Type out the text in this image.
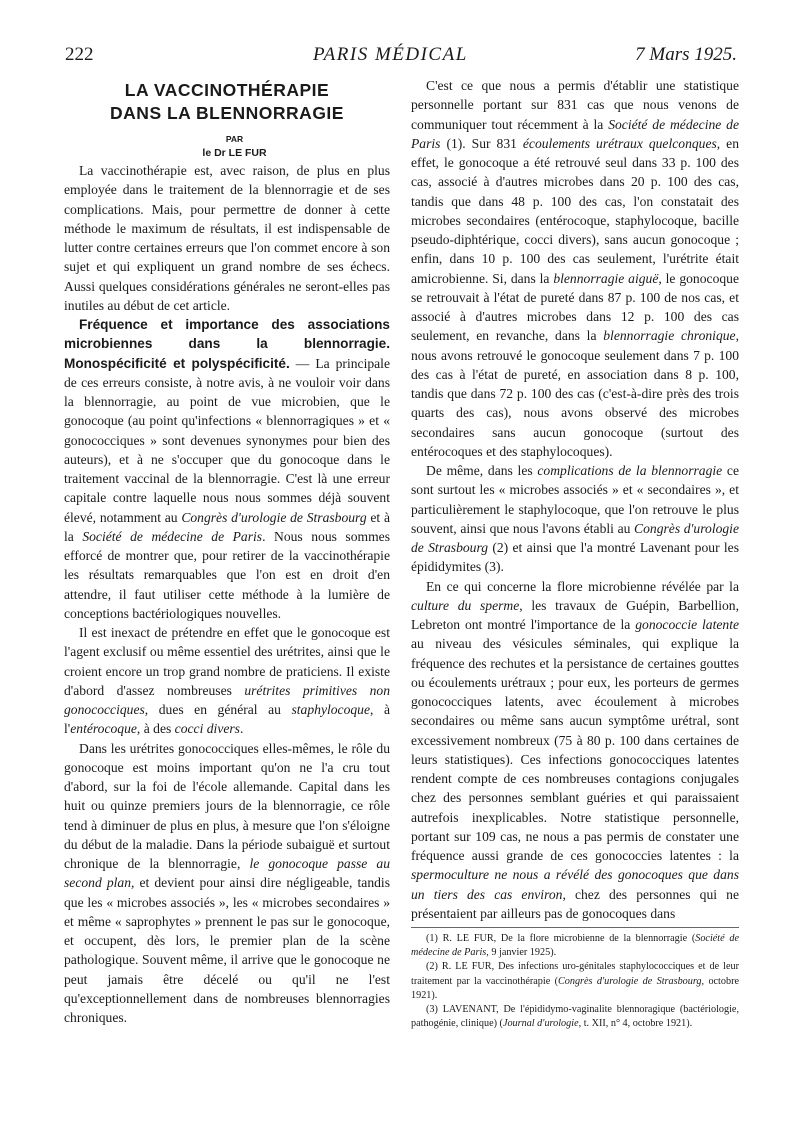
222	PARIS MÉDICAL	7 Mars 1925.
LA VACCINOTHÉRAPIE
DANS LA BLENNORRAGIE

PAR

le Dr LE FUR

La vaccinothérapie est, avec raison, de plus en plus employée dans le traitement de la blennorragie et de ses complications. Mais, pour permettre de donner à cette méthode le maximum de résultats, il est indispensable de lutter contre certaines erreurs que l'on commet encore à son sujet et qui expliquent un grand nombre de ses échecs. Aussi quelques considérations générales ne seront-elles pas inutiles au début de cet article.

Fréquence et importance des associations microbiennes dans la blennorragie. Monospécificité et polyspécificité. — La principale de ces erreurs consiste, à notre avis, à ne vouloir voir dans la blennorragie, au point de vue microbien, que le gonocoque (au point qu'infections « blennorragiques » et « gonococciques » sont devenues synonymes pour bien des auteurs), et à ne s'occuper que du gonocoque dans le traitement vaccinal de la blennorragie. C'est là une erreur capitale contre laquelle nous nous sommes déjà souvent élevé, notamment au Congrès d'urologie de Strasbourg et à la Société de médecine de Paris. Nous nous sommes efforcé de montrer que, pour retirer de la vaccinothérapie les résultats remarquables que l'on est en droit d'en attendre, il faut utiliser cette méthode à la lumière de conceptions bactériologiques nouvelles.

Il est inexact de prétendre en effet que le gonocoque est l'agent exclusif ou même essentiel des urétrites, ainsi que le croient encore un trop grand nombre de praticiens. Il existe d'abord d'assez nombreuses urétrites primitives non gonococciques, dues en général au staphylocoque, à l'entérocoque, à des cocci divers.

Dans les urétrites gonococciques elles-mêmes, le rôle du gonocoque est moins important qu'on ne l'a cru tout d'abord, sur la foi de l'école allemande. Capital dans les huit ou quinze premiers jours de la blennorragie, ce rôle tend à diminuer de plus en plus, à mesure que l'on s'éloigne du début de la maladie. Dans la période subaiguë et surtout chronique de la blennorragie, le gonocoque passe au second plan, et devient pour ainsi dire négligeable, tandis que les « microbes associés », les « microbes secondaires » et même « saprophytes » prennent le pas sur le gonocoque, et occupent, dès lors, le premier plan de la scène pathologique. Souvent même, il arrive que le gonocoque ne peut jamais être décelé ou qu'il ne l'est qu'exceptionnellement dans de nombreuses blennorragies chroniques.

C'est ce que nous a permis d'établir une statistique personnelle portant sur 831 cas que nous venons de communiquer tout récemment à la Société de médecine de Paris (1). Sur 831 écoulements urétraux quelconques, en effet, le gonocoque a été retrouvé seul dans 33 p. 100 des cas, associé à d'autres microbes dans 20 p. 100 des cas, tandis que dans 48 p. 100 des cas, l'on constatait des microbes secondaires (entérocoque, staphylocoque, bacille pseudo-diphtérique, cocci divers), sans aucun gonocoque ; enfin, dans 10 p. 100 des cas seulement, l'urétrite était amicrobienne. Si, dans la blennorragie aiguë, le gonocoque se retrouvait à l'état de pureté dans 87 p. 100 de nos cas, et associé à d'autres microbes dans 12 p. 100 des cas seulement, en revanche, dans la blennorragie chronique, nous avons retrouvé le gonocoque seulement dans 7 p. 100 des cas à l'état de pureté, en association dans 8 p. 100, tandis que dans 72 p. 100 des cas (c'est-à-dire près des trois quarts des cas), nous avons observé des microbes secondaires sans aucun gonocoque (surtout des entérocoques et des staphylocoques).

De même, dans les complications de la blennorragie ce sont surtout les « microbes associés » et « secondaires », et particulièrement le staphylocoque, que l'on retrouve le plus souvent, ainsi que nous l'avons établi au Congrès d'urologie de Strasbourg (2) et ainsi que l'a montré Lavenant pour les épididymites (3).

En ce qui concerne la flore microbienne révélée par la culture du sperme, les travaux de Guépin, Barbellion, Lebreton ont montré l'importance de la gonococcie latente au niveau des vésicules séminales, qui explique la fréquence des rechutes et la persistance de certaines gouttes ou écoulements urétraux ; pour eux, les porteurs de germes gonococciques latents, avec écoulement à microbes secondaires ou même sans aucun symptôme urétral, sont excessivement nombreux (75 à 80 p. 100 dans certaines de leurs statistiques). Ces infections gonococciques latentes rendent compte de ces nombreuses contagions conjugales chez des personnes semblant guéries et qui paraissaient autrefois inexplicables. Notre statistique personnelle, portant sur 109 cas, ne nous a pas permis de constater une fréquence aussi grande de ces gonococcies latentes : la spermoculture ne nous a révélé des gonocoques que dans un tiers des cas environ, chez des personnes qui ne présentaient par ailleurs pas de gonocoques dans

(1) R. LE FUR, De la flore microbienne de la blennorragie (Société de médecine de Paris, 9 janvier 1925).

(2) R. LE FUR, Des infections uro-génitales staphylococciques et de leur traitement par la vaccinothérapie (Congrès d'urologie de Strasbourg, octobre 1921).

(3) LAVENANT, De l'épididymo-vaginalite blennoragique (bactériologie, pathogénie, clinique) (Journal d'urologie, t. XII, n° 4, octobre 1921).
